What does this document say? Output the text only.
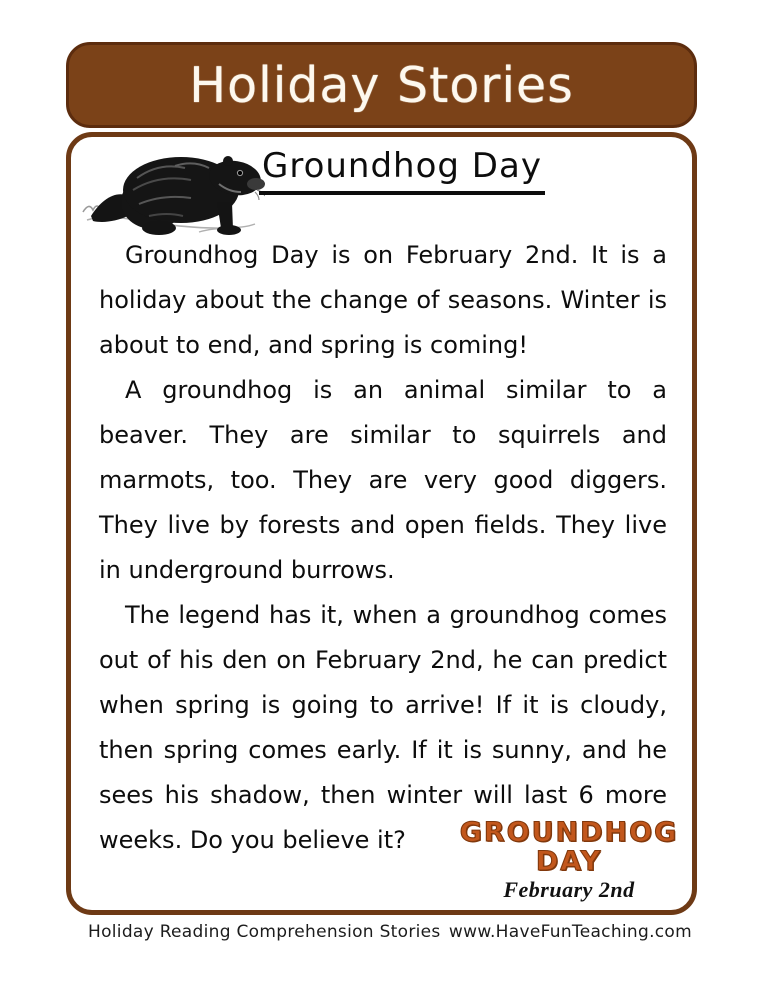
Holiday Stories
Groundhog Day

Groundhog Day is on February 2nd. It is a holiday about the change of seasons. Winter is about to end, and spring is coming!

A groundhog is an animal similar to a beaver. They are similar to squirrels and marmots, too. They are very good diggers. They live by forests and open fields. They live in underground burrows.

GROUNDHOG
DAY
February 2nd
The legend has it, when a groundhog comes out of his den on February 2nd, he can predict when spring is going to arrive! If it is cloudy, then spring comes early. If it is sunny, and he sees his shadow, then winter will last 6 more weeks. Do you believe it?

Holiday Reading Comprehension Stories www.HaveFunTeaching.com
